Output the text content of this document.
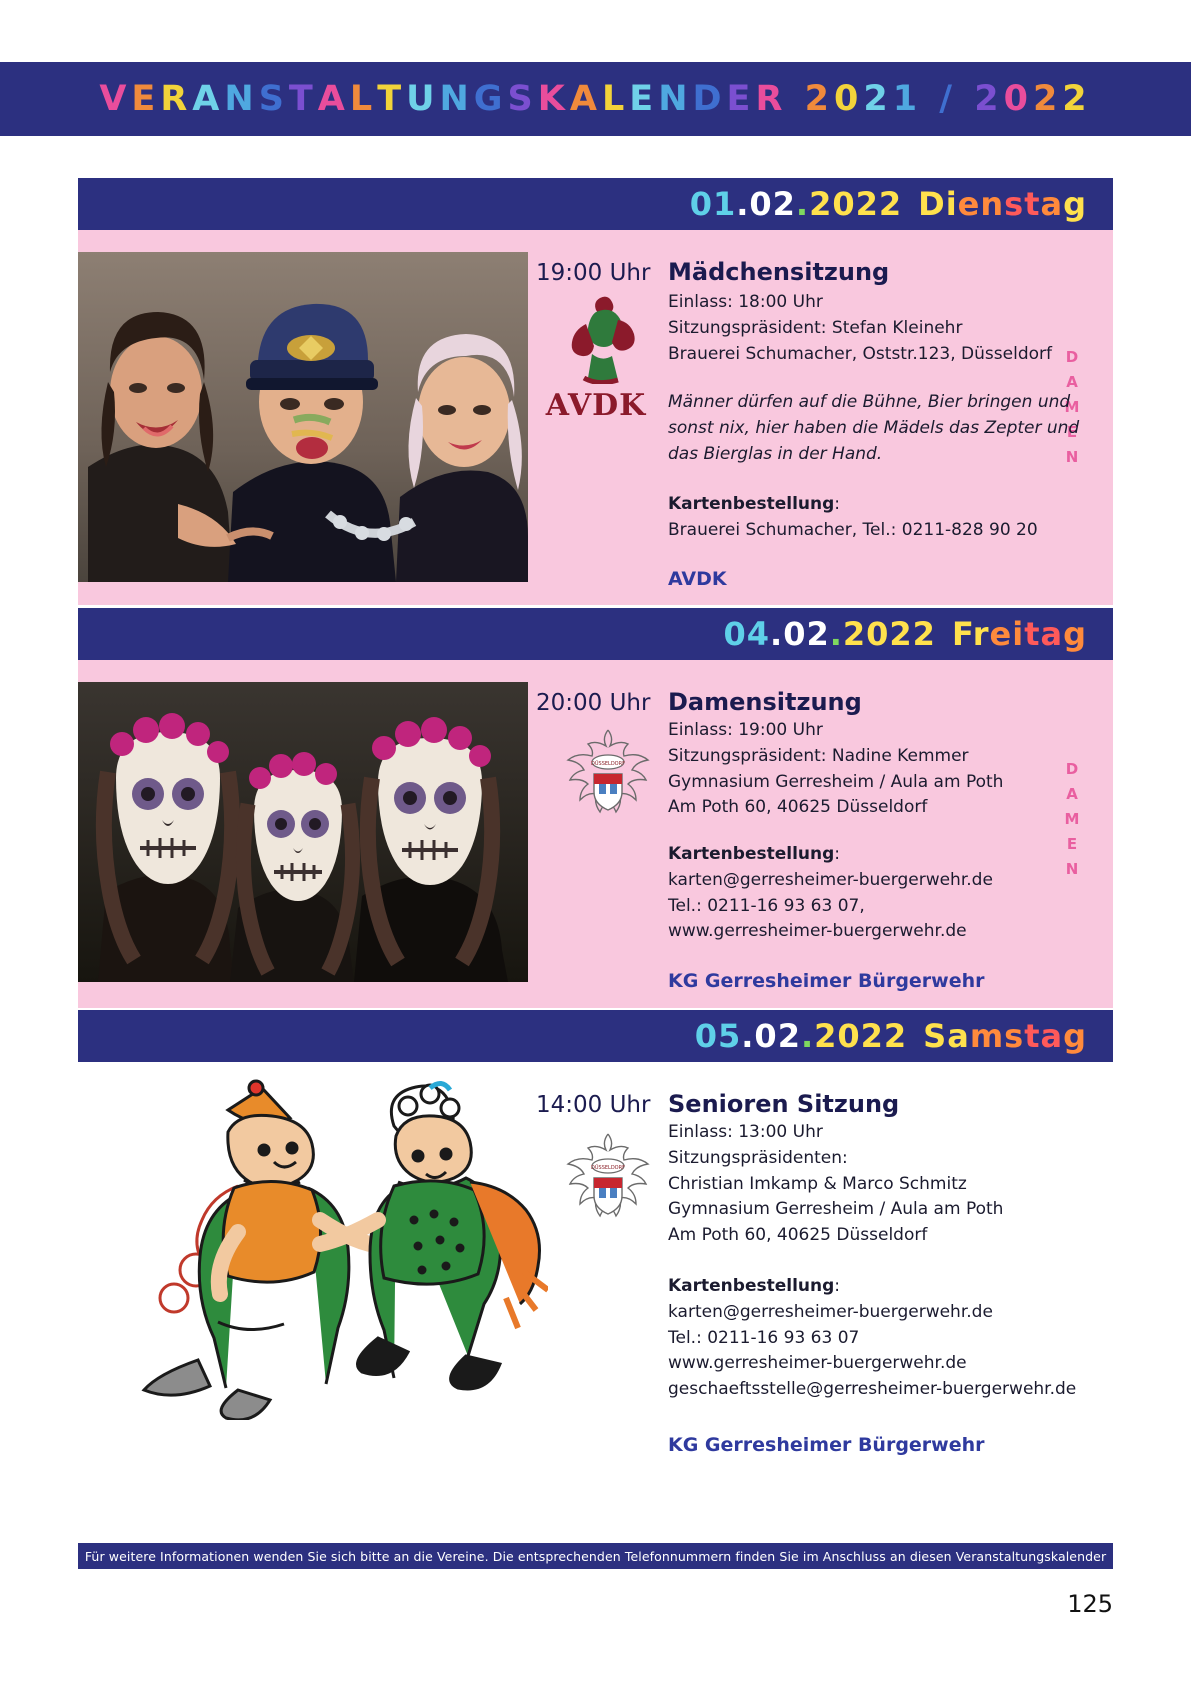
V E R A N S T A L T U N G S K A L E N D E R
2 0 2 1
/
2 0 2 2
01.02.2022 Dienstag
DAMEN
19:00 Uhr Mädchensitzung
AVDK
Einlass: 18:00 Uhr
Sitzungspräsident: Stefan Kleinehr
Brauerei Schumacher, Oststr.123, Düsseldorf
Männer dürfen auf die Bühne, Bier bringen und sonst nix, hier haben die Mädels das Zepter und das Bierglas in der Hand.
Kartenbestellung:
Brauerei Schumacher, Tel.: 0211-828 90 20
AVDK
04.02.2022 Freitag
DAMEN
20:00 Uhr Damensitzung
DÜSSELDORF
Einlass: 19:00 Uhr
Sitzungspräsident: Nadine Kemmer
Gymnasium Gerresheim / Aula am Poth
Am Poth 60, 40625 Düsseldorf
Kartenbestellung:
karten@gerresheimer-buergerwehr.de
Tel.: 0211-16 93 63 07,
www.gerresheimer-buergerwehr.de
KG Gerresheimer Bürgerwehr
05.02.2022 Samstag
14:00 Uhr Senioren Sitzung
DÜSSELDORF
Einlass: 13:00 Uhr
Sitzungspräsidenten:
Christian Imkamp & Marco Schmitz
Gymnasium Gerresheim / Aula am Poth
Am Poth 60, 40625 Düsseldorf
Kartenbestellung:
karten@gerresheimer-buergerwehr.de
Tel.: 0211-16 93 63 07
www.gerresheimer-buergerwehr.de
geschaeftsstelle@gerresheimer-buergerwehr.de
KG Gerresheimer Bürgerwehr
Für weitere Informationen wenden Sie sich bitte an die Vereine. Die entsprechenden Telefonnummern finden Sie im Anschluss an diesen Veranstaltungskalender
125
